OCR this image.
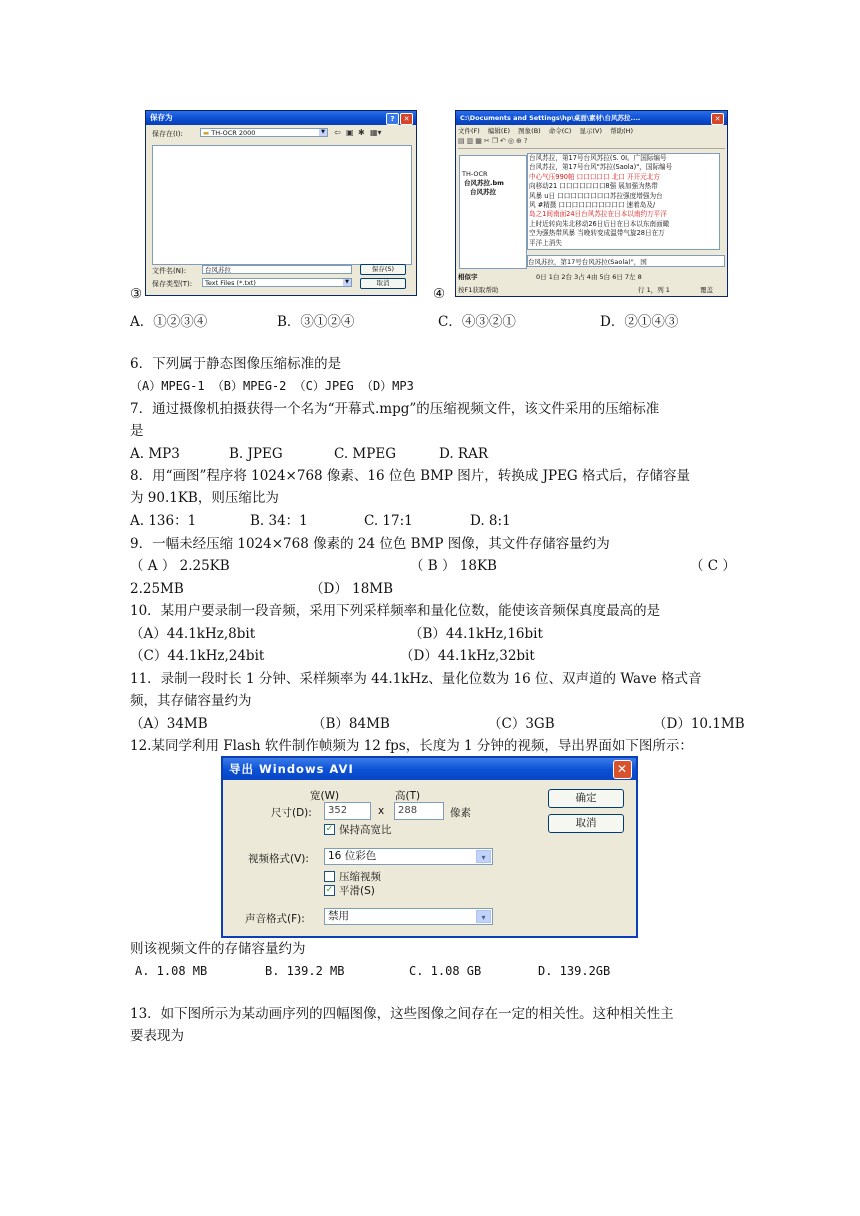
③
保存为	?	✕
保存在(I):	▬ TH-OCR 2000	▼ ⇦ ▣ ✱ ▦▾
文件名(N):	台风苏拉
保存类型(T):	Text Files (*.txt)	▼
保存(S)
取消
④
C:\Documents and Settings\hp\桌面\素材\台风苏拉....	✕
文件(F) 编辑(E) 图象(B) 命令(C) 显示(V) 帮助(H)
▤▥▦✂❐↶◎⊕?
TH-OCR
台风苏拉.bm
台风苏拉
台风苏拉，第17号台风苏拉(S. 0I。广国际编号
台风苏拉，第17号台风"苏拉(Saola)"，国际编号
中心气压990帕 口口口口口 北口 开开元北方
向移动21 口口口口口口口8强 展加强为热带
风暴 u日 口口口口口口口口苏拉强度增强为台
风 #精摄 口口口口口口口口口口 速着岛及/
岛之1间南面24日台风苏拉在日本以南约万平洋
上时近转向朱北移动26日后日在日本以东南面瞰
空为强热带风暴 当晚转变成温带气旋28日在万
平洋上消失
台风苏拉，第17号台风苏拉(Saola)"，国
相似字	0日 1白 2台 3占 4由 5白 6日 7左 8
按F1获取帮助	行 1，列 1	覆盖
A．①②③④	B．③①②④	C．④③②①	D．②①④③
6．下列属于静态图像压缩标准的是
（A）MPEG-1 （B）MPEG-2 （C）JPEG （D）MP3
7．通过摄像机拍摄获得一个名为“开幕式.mpg”的压缩视频文件，该文件采用的压缩标准
是
A. MP3	B. JPEG	C. MPEG	D. RAR
8．用“画图”程序将 1024×768 像素、16 位色 BMP 图片，转换成 JPEG 格式后，存储容量
为 90.1KB，则压缩比为
A. 136：1	B. 34：1	C. 17:1	D. 8:1
9．一幅未经压缩 1024×768 像素的 24 位色 BMP 图像，其文件存储容量约为
（ A ） 2.25KB	（ B ） 18KB	（ C ）
2.25MB	（D） 18MB
10．某用户要录制一段音频，采用下列采样频率和量化位数，能使该音频保真度最高的是
（A）44.1kHz,8bit	（B）44.1kHz,16bit
（C）44.1kHz,24bit	（D）44.1kHz,32bit
11．录制一段时长 1 分钟、采样频率为 44.1kHz、量化位数为 16 位、双声道的 Wave 格式音
频，其存储容量约为
（A）34MB	（B）84MB	（C）3GB	（D）10.1MB
12.某同学利用 Flash 软件制作帧频为 12 fps，长度为 1 分钟的视频，导出界面如下图所示：
导出 Windows AVI	✕
宽(W)	高(T)
尺寸(D):	352	x	288	像素
✓ 保持高宽比
视频格式(V):	16 位彩色	▾
压缩视频
✓ 平滑(S)
声音格式(F):	禁用	▾
确定
取消
则该视频文件的存储容量约为
A. 1.08 MB	B. 139.2 MB	C. 1.08 GB	D. 139.2GB
13．如下图所示为某动画序列的四幅图像，这些图像之间存在一定的相关性。这种相关性主
要表现为
